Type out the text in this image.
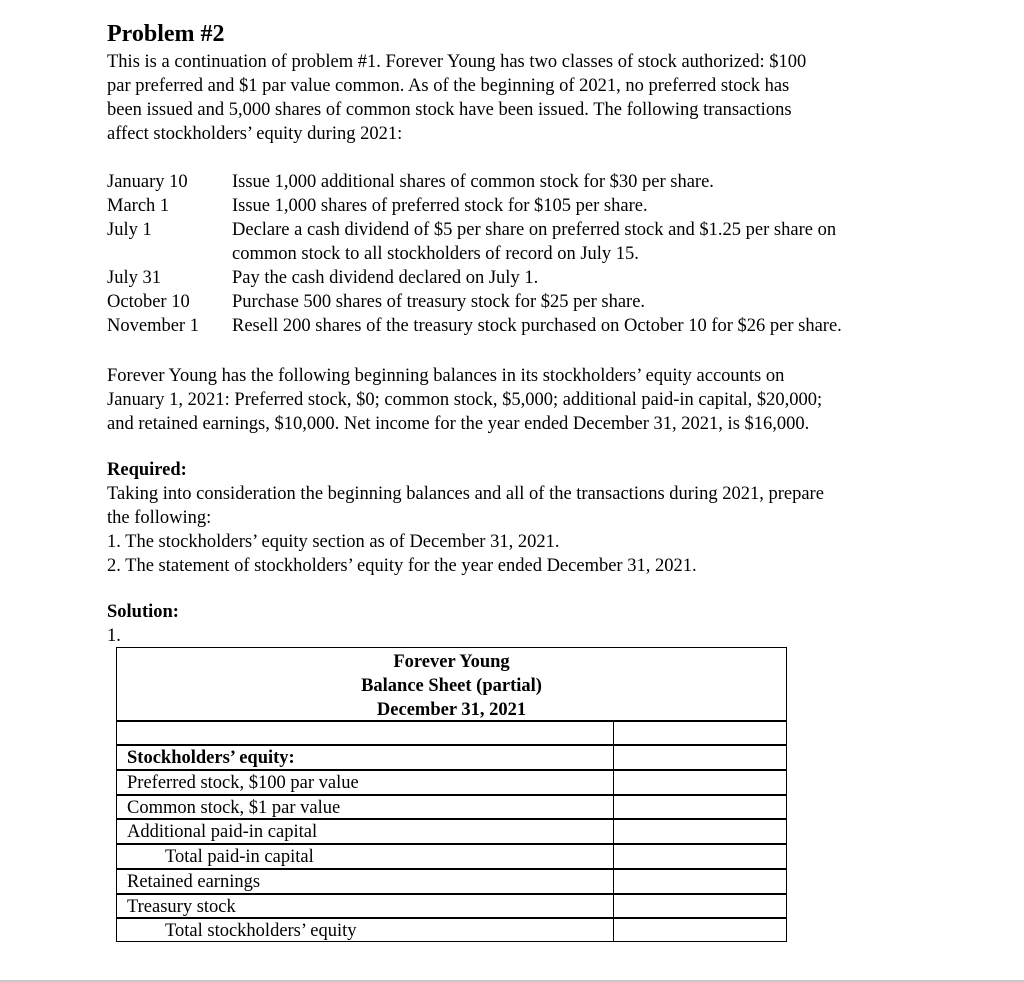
Problem #2
This is a continuation of problem #1. Forever Young has two classes of stock authorized: $100
par preferred and $1 par value common. As of the beginning of 2021, no preferred stock has
been issued and 5,000 shares of common stock have been issued. The following transactions
affect stockholders’ equity during 2021:
January 10 Issue 1,000 additional shares of common stock for $30 per share.
March 1	Issue 1,000 shares of preferred stock for $105 per share.
July 1	Declare a cash dividend of $5 per share on preferred stock and $1.25 per share on
common stock to all stockholders of record on July 15.
July 31	Pay the cash dividend declared on July 1.
October 10 Purchase 500 shares of treasury stock for $25 per share.
November 1 Resell 200 shares of the treasury stock purchased on October 10 for $26 per share.
Forever Young has the following beginning balances in its stockholders’ equity accounts on
January 1, 2021: Preferred stock, $0; common stock, $5,000; additional paid-in capital, $20,000;
and retained earnings, $10,000. Net income for the year ended December 31, 2021, is $16,000.
Required:
Taking into consideration the beginning balances and all of the transactions during 2021, prepare
the following:
1. The stockholders’ equity section as of December 31, 2021.
2. The statement of stockholders’ equity for the year ended December 31, 2021.
Solution:
1.
Forever Young
Balance Sheet (partial)
December 31, 2021
Stockholders’ equity:
Preferred stock, $100 par value
Common stock, $1 par value
Additional paid-in capital
Total paid-in capital
Retained earnings
Treasury stock
Total stockholders’ equity
